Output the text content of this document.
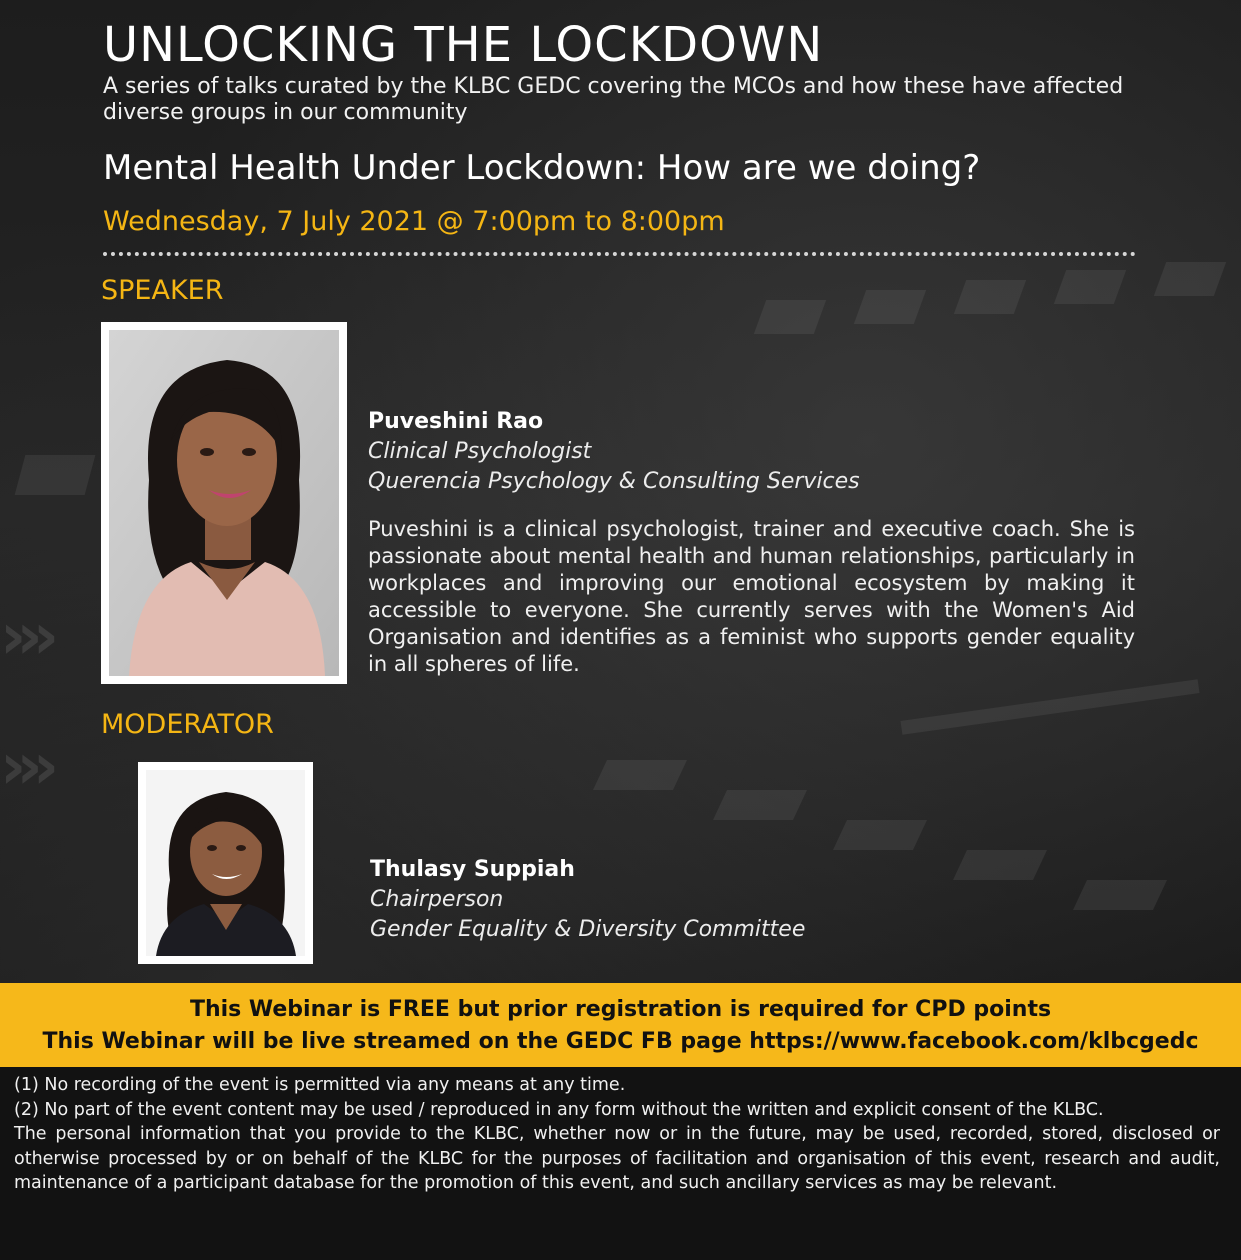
›››
›››
UNLOCKING THE LOCKDOWN
A series of talks curated by the KLBC GEDC covering the MCOs and how these have affected diverse groups in our community
Mental Health Under Lockdown: How are we doing?
Wednesday, 7 July 2021 @ 7:00pm to 8:00pm
SPEAKER
Puveshini Rao
Clinical Psychologist
Querencia Psychology & Consulting Services
Puveshini is a clinical psychologist, trainer and executive coach. She is passionate about mental health and human relationships, particularly in workplaces and improving our emotional ecosystem by making it accessible to everyone. She currently serves with the Women's Aid Organisation and identifies as a feminist who supports gender equality in all spheres of life.
MODERATOR
Thulasy Suppiah
Chairperson
Gender Equality & Diversity Committee
This Webinar is FREE but prior registration is required for CPD points
This Webinar will be live streamed on the GEDC FB page https://www.facebook.com/klbcgedc
(1) No recording of the event is permitted via any means at any time.
(2) No part of the event content may be used / reproduced in any form without the written and explicit consent of the KLBC.
The personal information that you provide to the KLBC, whether now or in the future, may be used, recorded, stored, disclosed or otherwise processed by or on behalf of the KLBC for the purposes of facilitation and organisation of this event, research and audit, maintenance of a participant database for the promotion of this event, and such ancillary services as may be relevant.
